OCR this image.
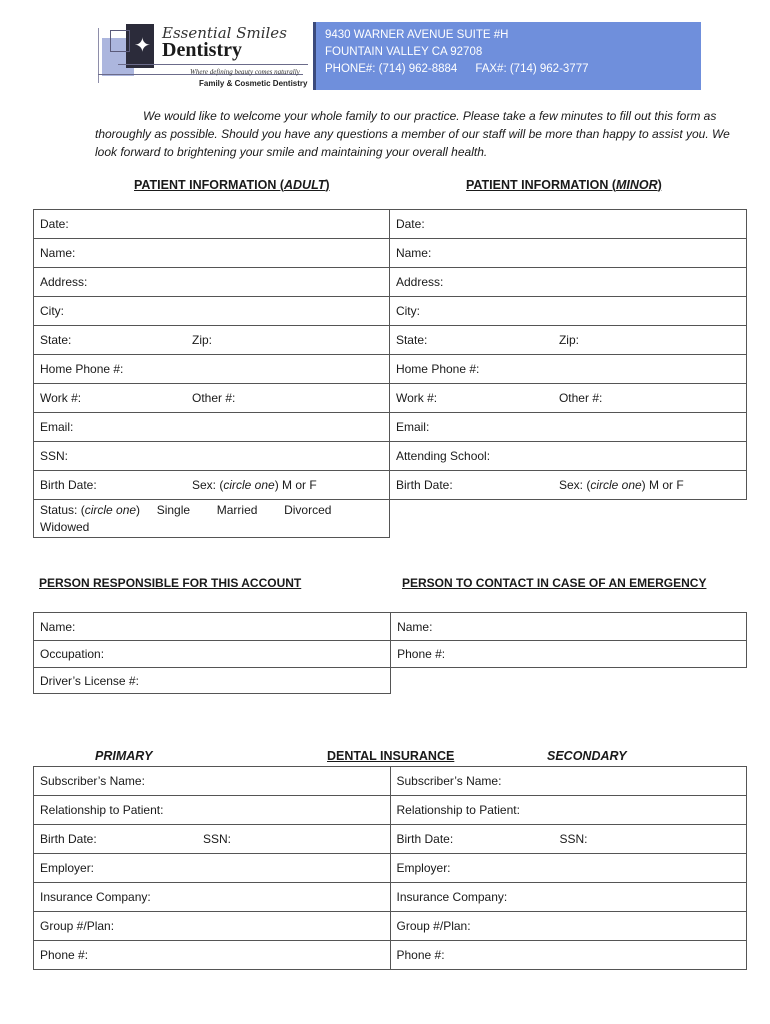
✦
Essential Smiles
Dentistry
Where defining beauty comes naturally
Family & Cosmetic Dentistry
9430 WARNER AVENUE SUITE #H
FOUNTAIN VALLEY CA 92708
PHONE#: (714) 962-8884 FAX#: (714) 962-3777
We would like to welcome your whole family to our practice. Please take a few minutes to fill out this form as thoroughly as possible. Should you have any questions a member of our staff will be more than happy to assist you. We look forward to brightening your smile and maintaining your overall health.
PATIENT INFORMATION (ADULT)	PATIENT INFORMATION (MINOR)
Date:	Date:
Name:	Name:
Address:	Address:
City:	City:
State: Zip:	State: Zip:
Home Phone #:	Home Phone #:
Work #: Other #:	Work #: Other #:
Email:	Email:
SSN:	Attending School:
Birth Date: Sex: (circle one) M or F	Birth Date: Sex: (circle one) M or F
Status: (circle one)     Single        Married        Divorced
Widowed	
PERSON RESPONSIBLE FOR THIS ACCOUNT	PERSON TO CONTACT IN CASE OF AN EMERGENCY
Name:	Name:
Occupation:	Phone #:
Driver’s License #:	
PRIMARY	DENTAL INSURANCE	SECONDARY
Subscriber’s Name:	Subscriber’s Name:
Relationship to Patient:	Relationship to Patient:
Birth Date: SSN:	Birth Date: SSN:
Employer:	Employer:
Insurance Company:	Insurance Company:
Group #/Plan:	Group #/Plan:
Phone #:	Phone #:
